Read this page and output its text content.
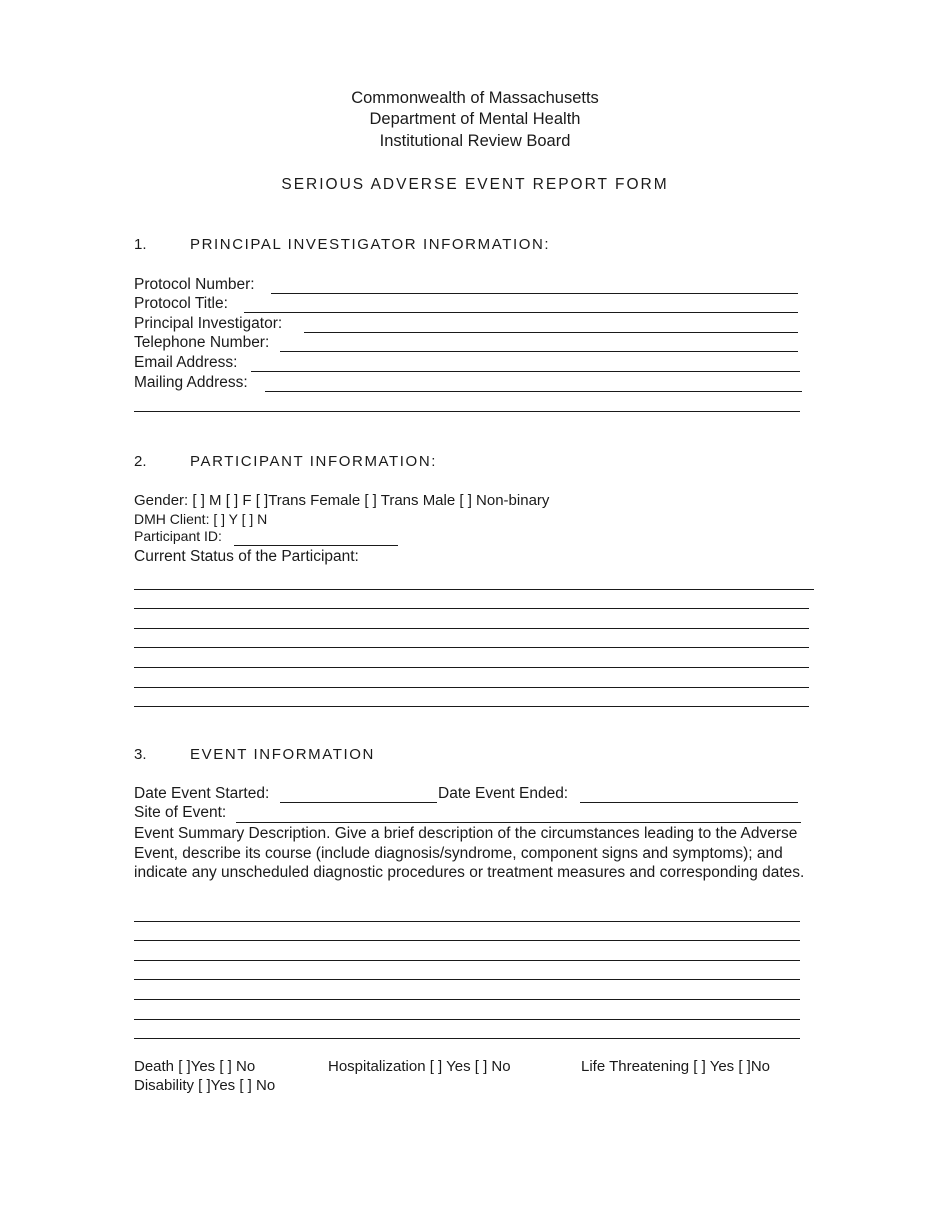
Commonwealth of Massachusetts
Department of Mental Health
Institutional Review Board
SERIOUS ADVERSE EVENT REPORT FORM
1.	PRINCIPAL INVESTIGATOR INFORMATION:
Protocol Number:
Protocol Title:
Principal Investigator:
Telephone Number:
Email Address:
Mailing Address:
2.	PARTICIPANT INFORMATION:
Gender: [ ] M [ ] F [ ]Trans Female [ ] Trans Male [ ] Non-binary
DMH Client: [ ] Y [ ] N
Participant ID:
Current Status of the Participant:
3.	EVENT INFORMATION
Date Event Started:	Date Event Ended:
Site of Event:
Event Summary Description. Give a brief description of the circumstances leading to the Adverse Event, describe its course (include diagnosis/syndrome, component signs and symptoms); and indicate any unscheduled diagnostic procedures or treatment measures and corresponding dates.
Death [ ]Yes [ ] No	Hospitalization [ ] Yes [ ] No	Life Threatening [ ] Yes [ ]No
Disability [ ]Yes [ ] No
